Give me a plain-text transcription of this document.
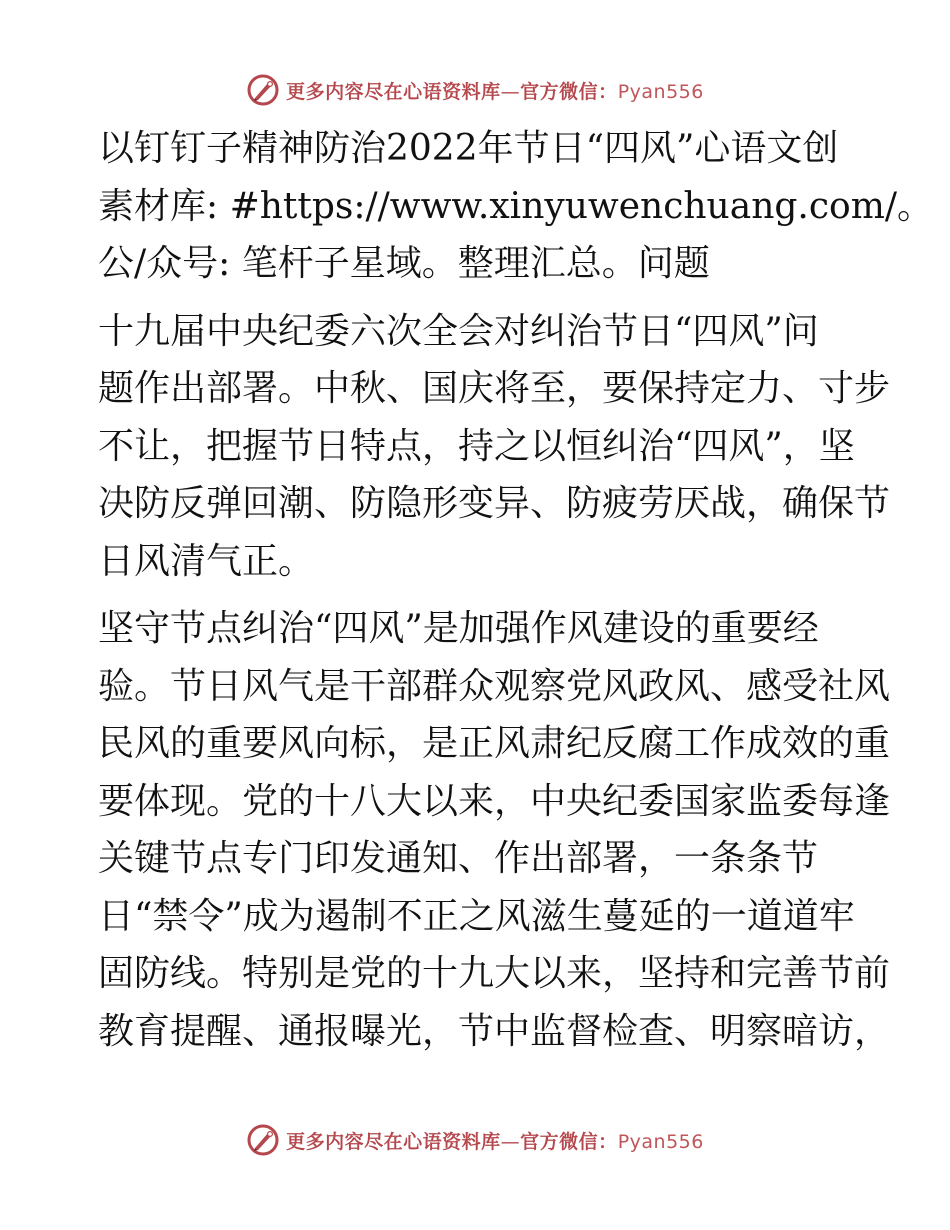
更多内容尽在心语资料库—官方微信：Pyan556
以钉钉子精神防治2022年节日“四风”心语文创
素材库: #https://www.xinyuwenchuang.com/。
公/众号: 笔杆子星域。整理汇总。问题
十九届中央纪委六次全会对纠治节日“四风”问
题作出部署。中秋、国庆将至，要保持定力、寸步
不让，把握节日特点，持之以恒纠治“四风”，坚
决防反弹回潮、防隐形变异、防疲劳厌战，确保节
日风清气正。
坚守节点纠治“四风”是加强作风建设的重要经
验。节日风气是干部群众观察党风政风、感受社风
民风的重要风向标，是正风肃纪反腐工作成效的重
要体现。党的十八大以来，中央纪委国家监委每逢
关键节点专门印发通知、作出部署，一条条节
日“禁令”成为遏制不正之风滋生蔓延的一道道牢
固防线。特别是党的十九大以来，坚持和完善节前
教育提醒、通报曝光，节中监督检查、明察暗访，
更多内容尽在心语资料库—官方微信：Pyan556
